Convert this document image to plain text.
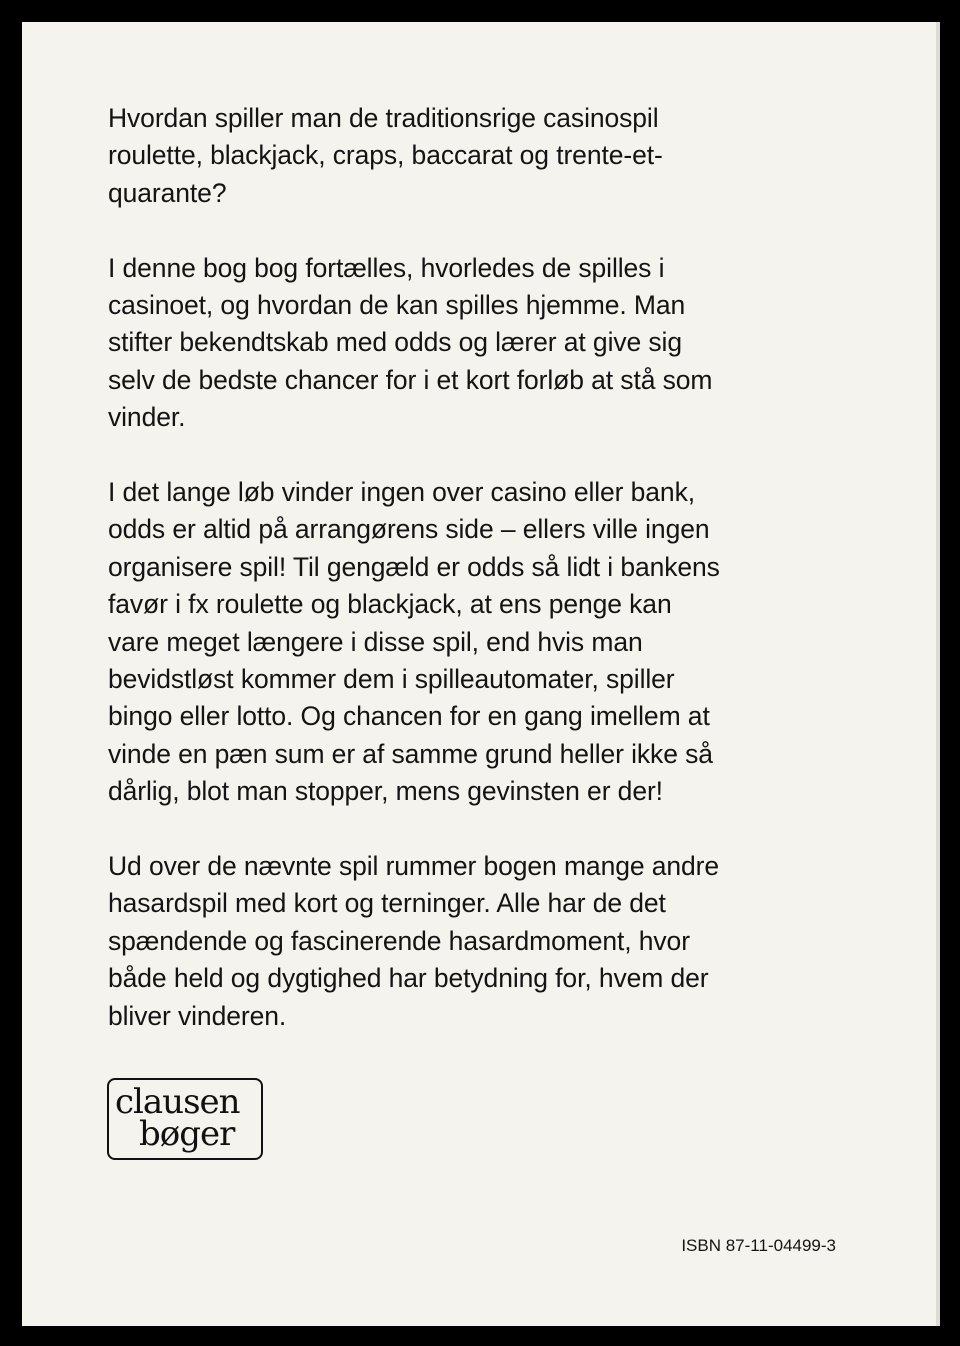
Hvordan spiller man de traditionsrige casinospil
roulette, blackjack, craps, baccarat og trente-et-
quarante?

I denne bog bog fortælles, hvorledes de spilles i
casinoet, og hvordan de kan spilles hjemme. Man
stifter bekendtskab med odds og lærer at give sig
selv de bedste chancer for i et kort forløb at stå som
vinder.

I det lange løb vinder ingen over casino eller bank,
odds er altid på arrangørens side – ellers ville ingen
organisere spil! Til gengæld er odds så lidt i bankens
favør i fx roulette og blackjack, at ens penge kan
vare meget længere i disse spil, end hvis man
bevidstløst kommer dem i spilleautomater, spiller
bingo eller lotto. Og chancen for en gang imellem at
vinde en pæn sum er af samme grund heller ikke så
dårlig, blot man stopper, mens gevinsten er der!

Ud over de nævnte spil rummer bogen mange andre
hasardspil med kort og terninger. Alle har de det
spændende og fascinerende hasardmoment, hvor
både held og dygtighed har betydning for, hvem der
bliver vinderen.

clausen
bøger
ISBN 87-11-04499-3
